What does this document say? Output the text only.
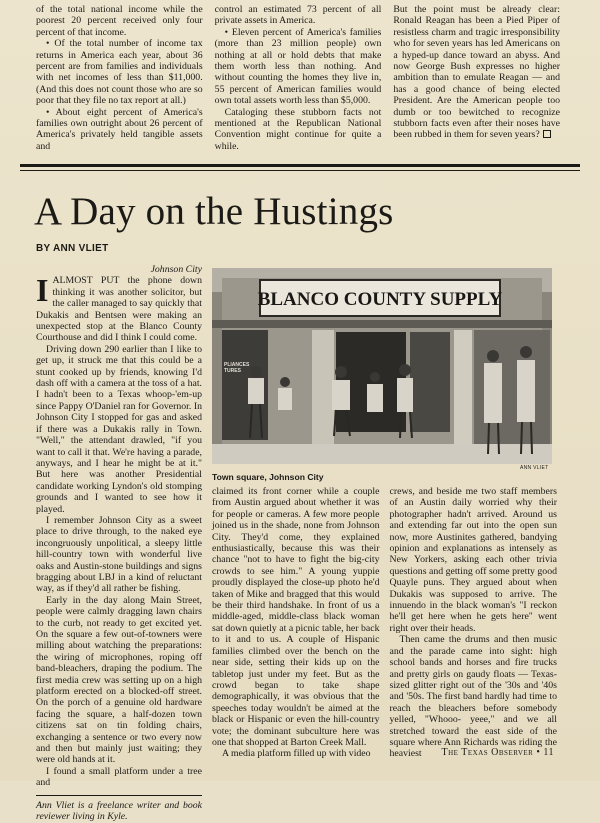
of the total national income while the poorest 20 percent received only four percent of that income.

• Of the total number of income tax returns in America each year, about 36 percent are from families and individuals with net incomes of less than $11,000. (And this does not count those who are so poor that they file no tax report at all.)

• About eight percent of America's families own outright about 26 percent of America's privately held tangible assets and

control an estimated 73 percent of all private assets in America.

• Eleven percent of America's families (more than 23 million people) own nothing at all or hold debts that make them worth less than nothing. And without counting the homes they live in, 55 percent of American families would own total assets worth less than $5,000.

Cataloging these stubborn facts not mentioned at the Republican National Convention might continue for quite a while.

But the point must be already clear: Ronald Reagan has been a Pied Piper of resistless charm and tragic irresponsibility who for seven years has led Americans on a hyped-up dance toward an abyss. And now George Bush expresses no higher ambition than to emulate Reagan — and has a good chance of being elected President. Are the American people too dumb or too bewitched to recognize stubborn facts even after their noses have been rubbed in them for seven years?

A Day on the Hustings
BY ANN VLIET
Johnson City

IALMOST PUT the phone down thinking it was another solicitor, but the caller managed to say quickly that Dukakis and Bentsen were making an unexpected stop at the Blanco County Courthouse and did I think I could come.

Driving down 290 earlier than I like to get up, it struck me that this could be a stunt cooked up by friends, knowing I'd dash off with a camera at the toss of a hat. I hadn't been to a Texas whoop-'em-up since Pappy O'Daniel ran for Governor. In Johnson City I stopped for gas and asked if there was a Dukakis rally in Town. "Well," the attendant drawled, "if you want to call it that. We're having a parade, anyways, and I hear he might be at it." But here was another Presidential candidate working Lyndon's old stomping grounds and I wanted to see how it played.

I remember Johnson City as a sweet place to drive through, to the naked eye incongruously unpolitical, a sleepy little hill-country town with wonderful live oaks and Austin-stone buildings and signs bragging about LBJ in a kind of reluctant way, as if they'd all rather be fishing.

Early in the day along Main Street, people were calmly dragging lawn chairs to the curb, not ready to get excited yet. On the square a few out-of-towners were milling about watching the preparations: the wiring of microphones, roping off band-bleachers, draping the podium. The first media crew was setting up on a high platform erected on a blocked-off street. On the porch of a genuine old hardware facing the square, a half-dozen town citizens sat on tin folding chairs, exchanging a sentence or two every now and then but mainly just waiting; they were old hands at it.

I found a small platform under a tree and

Ann Vliet is a freelance writer and book reviewer living in Kyle.

BLANCO COUNTY SUPPLY
PLIANCES
TURES
ANN VLIET
Town square, Johnson City

claimed its front corner while a couple from Austin argued about whether it was for people or cameras. A few more people joined us in the shade, none from Johnson City. They'd come, they explained enthusiastically, because this was their chance "not to have to fight the big-city crowds to see him." A young yuppie proudly displayed the close-up photo he'd taken of Mike and bragged that this would be their third handshake. In front of us a middle-aged, middle-class black woman sat down quietly at a picnic table, her back to it and to us. A couple of Hispanic families climbed over the bench on the near side, setting their kids up on the tabletop just under my feet. But as the crowd began to take shape demographically, it was obvious that the speeches today wouldn't be aimed at the black or Hispanic or even the hill-country vote; the dominant subculture here was one that shopped at Barton Creek Mall.

A media platform filled up with video

crews, and beside me two staff members of an Austin daily worried why their photographer hadn't arrived. Around us and extending far out into the open sun now, more Austinites gathered, bandying opinion and explanations as intensely as New Yorkers, asking each other trivia questions and getting off some pretty good Quayle puns. They argued about when Dukakis was supposed to arrive. The innuendo in the black woman's "I reckon he'll get here when he gets here" went right over their heads.

Then came the drums and then music and the parade came into sight: high school bands and horses and fire trucks and pretty girls on gaudy floats — Texas-sized glitter right out of the '30s and '40s and '50s. The first band hardly had time to reach the bleachers before somebody yelled, "Whooo- yeee," and we all stretched toward the east side of the square where Ann Richards was riding the heaviest	The Texas Observer • 11
